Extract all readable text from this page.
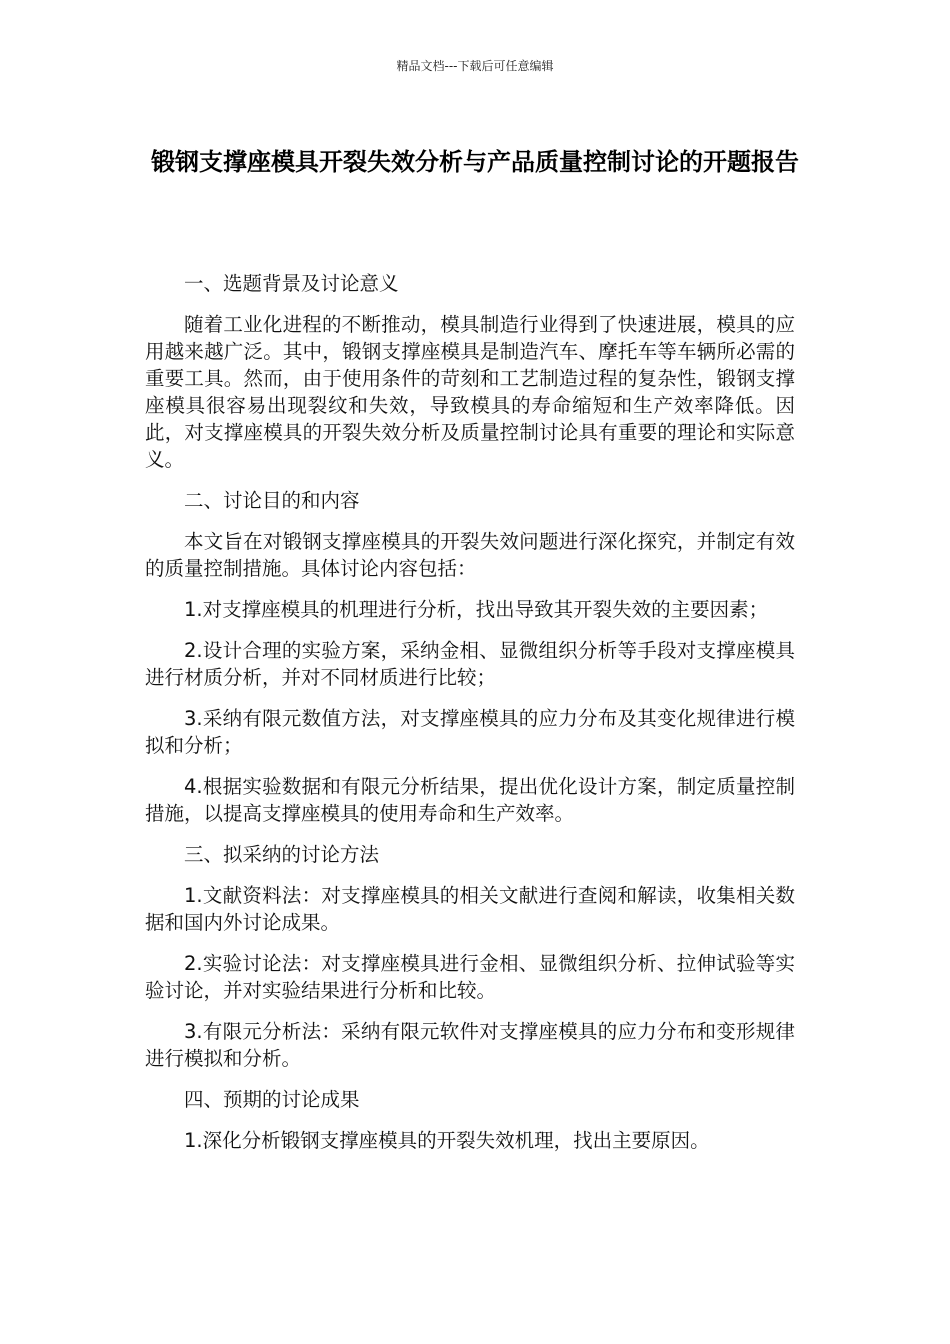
精品文档---下载后可任意编辑
锻钢支撑座模具开裂失效分析与产品质量控制讨论的开题报告
一、选题背景及讨论意义
随着工业化进程的不断推动，模具制造行业得到了快速进展，模具的应用越来越广泛。其中，锻钢支撑座模具是制造汽车、摩托车等车辆所必需的重要工具。然而，由于使用条件的苛刻和工艺制造过程的复杂性，锻钢支撑座模具很容易出现裂纹和失效，导致模具的寿命缩短和生产效率降低。因此，对支撑座模具的开裂失效分析及质量控制讨论具有重要的理论和实际意义。
二、讨论目的和内容
本文旨在对锻钢支撑座模具的开裂失效问题进行深化探究，并制定有效的质量控制措施。具体讨论内容包括：
1.对支撑座模具的机理进行分析，找出导致其开裂失效的主要因素；
2.设计合理的实验方案，采纳金相、显微组织分析等手段对支撑座模具进行材质分析，并对不同材质进行比较；
3.采纳有限元数值方法，对支撑座模具的应力分布及其变化规律进行模拟和分析；
4.根据实验数据和有限元分析结果，提出优化设计方案，制定质量控制措施，以提高支撑座模具的使用寿命和生产效率。
三、拟采纳的讨论方法
1.文献资料法：对支撑座模具的相关文献进行查阅和解读，收集相关数据和国内外讨论成果。
2.实验讨论法：对支撑座模具进行金相、显微组织分析、拉伸试验等实验讨论，并对实验结果进行分析和比较。
3.有限元分析法：采纳有限元软件对支撑座模具的应力分布和变形规律进行模拟和分析。
四、预期的讨论成果
1.深化分析锻钢支撑座模具的开裂失效机理，找出主要原因。
